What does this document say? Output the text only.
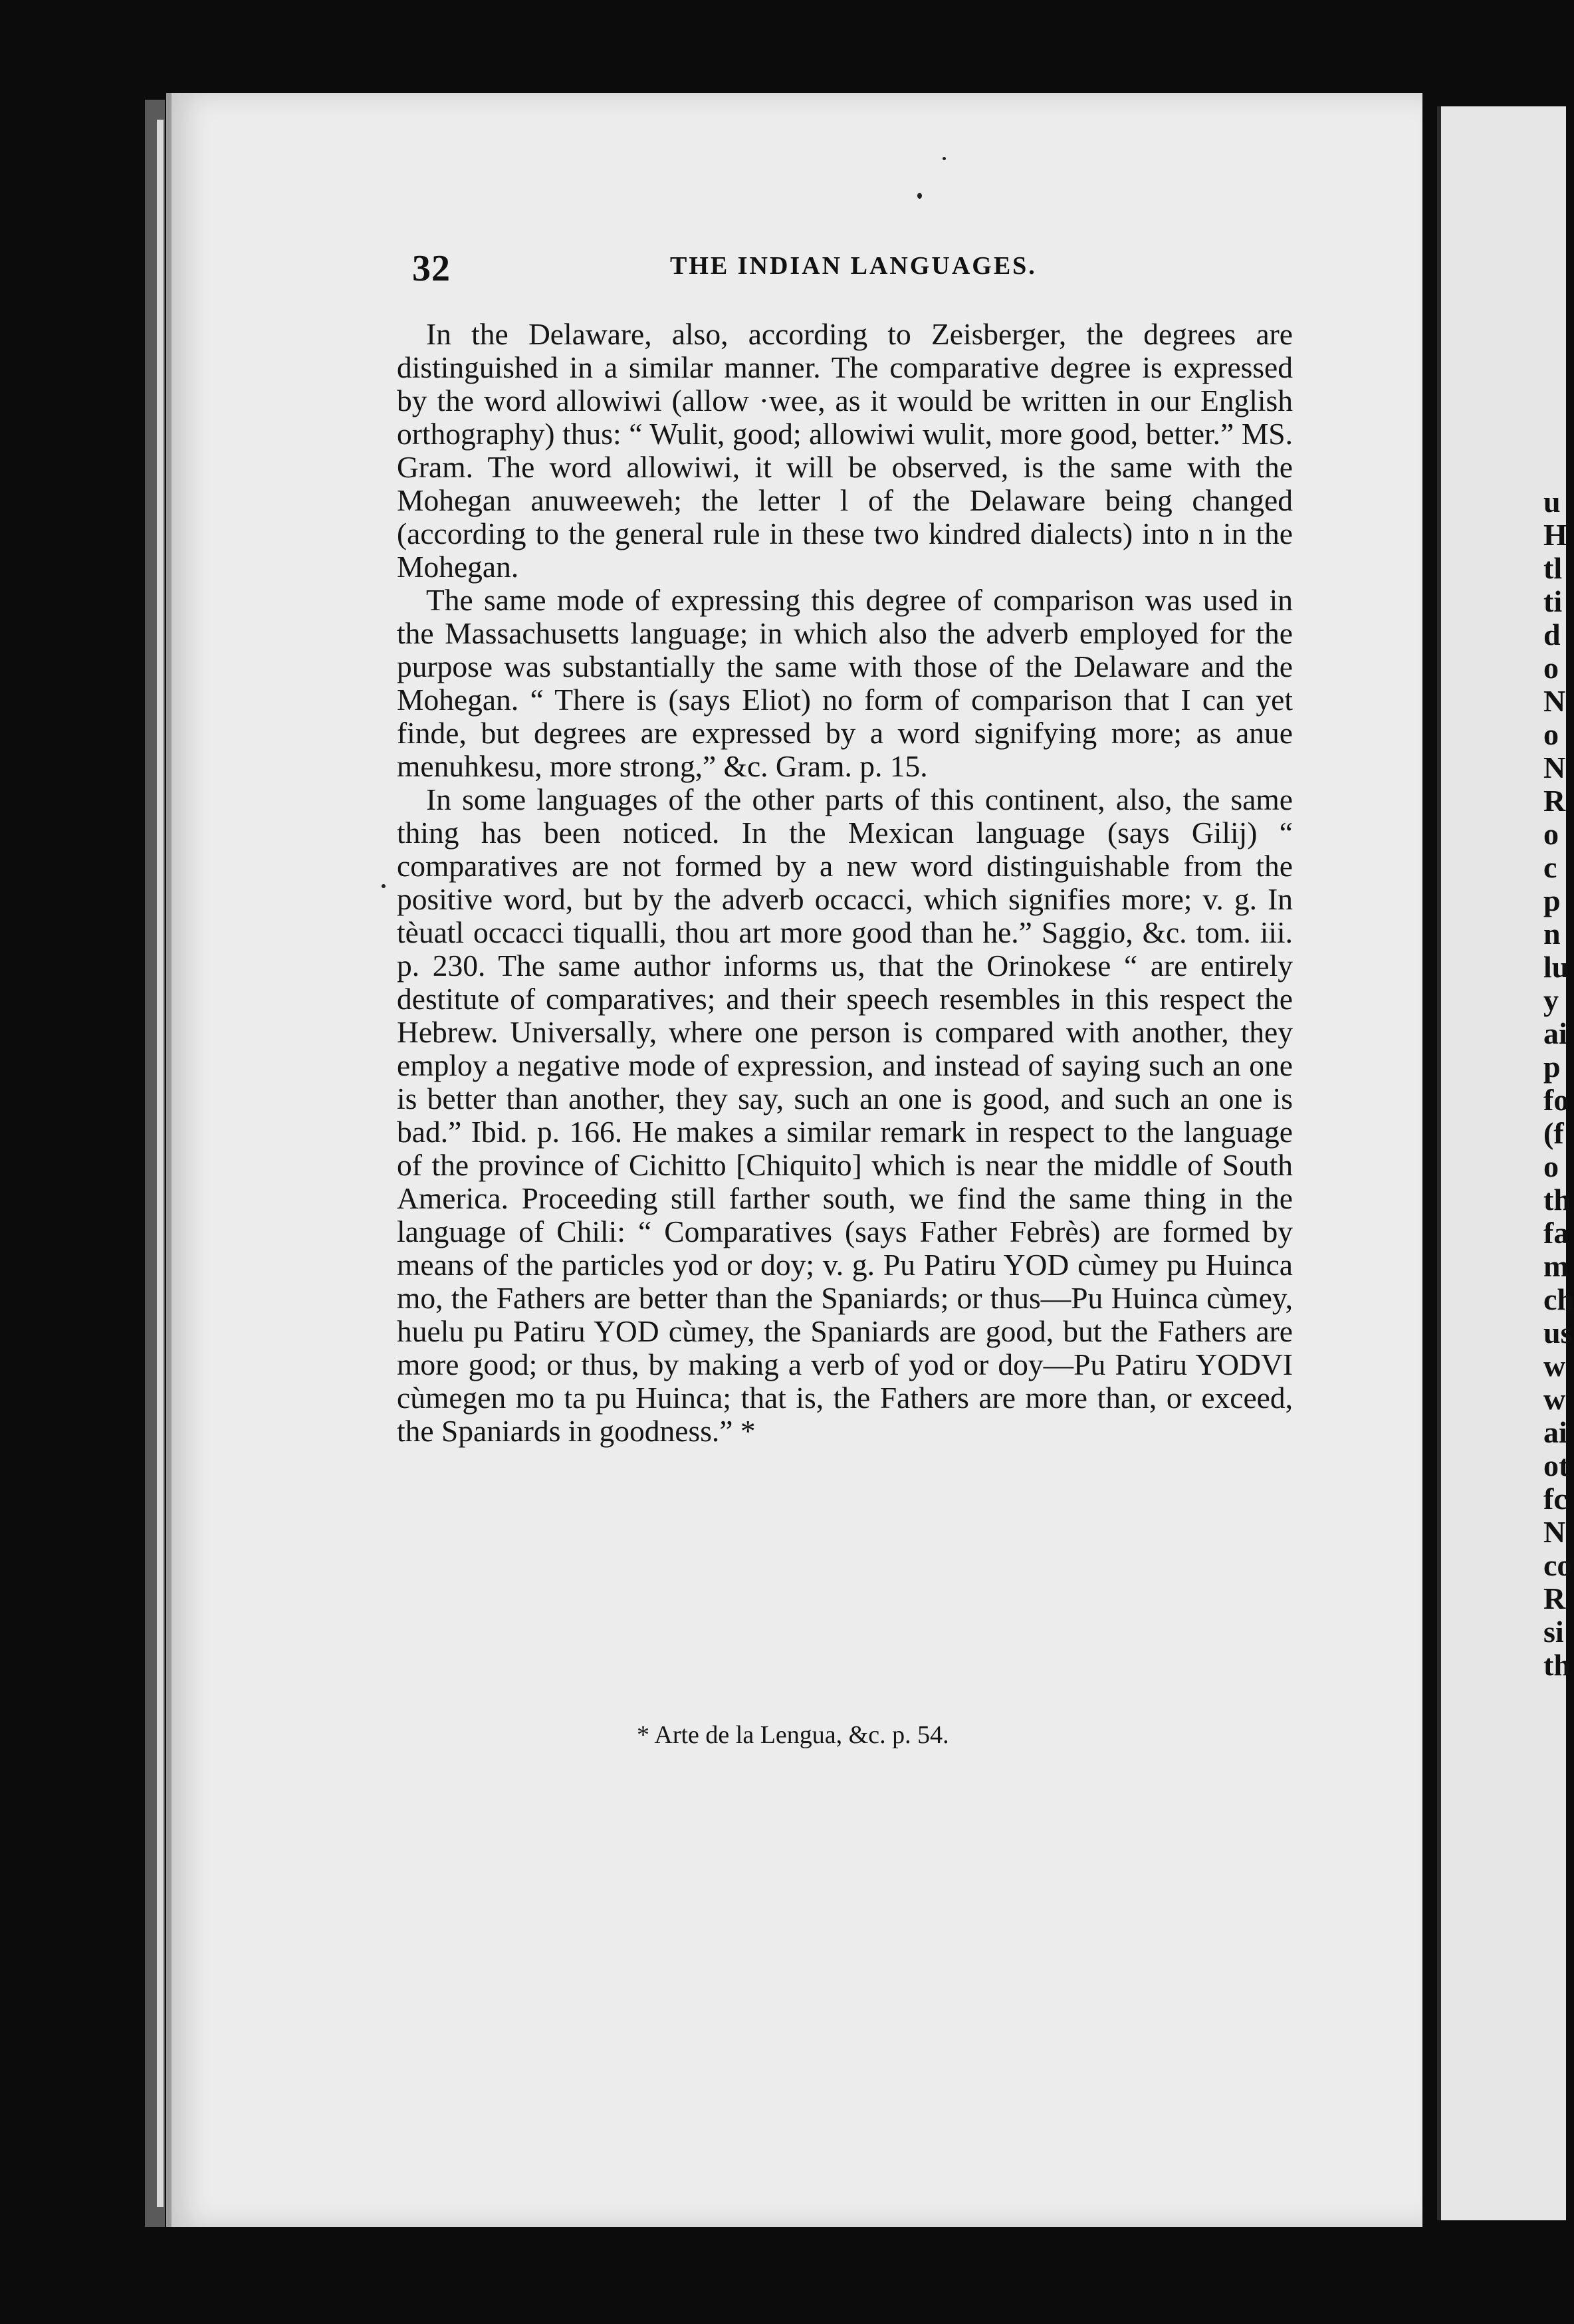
32	THE INDIAN LANGUAGES.

In the Delaware, also, according to Zeisberger, the degrees are distinguished in a similar manner. The comparative degree is expressed by the word allowiwi (allow ·wee, as it would be written in our English orthography) thus: “ Wulit, good; allowiwi wulit, more good, better.” MS. Gram. The word allowiwi, it will be observed, is the same with the Mohegan anuweeweh; the letter l of the Delaware being changed (according to the general rule in these two kindred dialects) into n in the Mohegan.

The same mode of expressing this degree of comparison was used in the Massachusetts language; in which also the adverb employed for the purpose was substantially the same with those of the Delaware and the Mohegan. “ There is (says Eliot) no form of comparison that I can yet finde, but degrees are expressed by a word signifying more; as anue menuhkesu, more strong,” &c. Gram. p. 15.

In some languages of the other parts of this continent, also, the same thing has been noticed. In the Mexican language (says Gilij) “ comparatives are not formed by a new word distinguishable from the positive word, but by the adverb occacci, which signifies more; v. g. In tèuatl occacci tiqualli, thou art more good than he.” Saggio, &c. tom. iii. p. 230. The same author informs us, that the Orinokese “ are entirely destitute of comparatives; and their speech resembles in this respect the Hebrew. Universally, where one person is compared with another, they employ a negative mode of expression, and instead of saying such an one is better than another, they say, such an one is good, and such an one is bad.” Ibid. p. 166. He makes a similar remark in respect to the language of the province of Cichitto [Chiquito] which is near the middle of South America. Proceeding still farther south, we find the same thing in the language of Chili: “ Comparatives (says Father Febrès) are formed by means of the particles yod or doy; v. g. Pu Patiru YOD cùmey pu Huinca mo, the Fathers are better than the Spaniards; or thus—Pu Huinca cùmey, huelu pu Patiru YOD cùmey, the Spaniards are good, but the Fathers are more good; or thus, by making a verb of yod or doy—Pu Patiru YODVI cùmegen mo ta pu Huinca; that is, the Fathers are more than, or exceed, the Spaniards in goodness.” *

* Arte de la Lengua, &c. p. 54.
u H tl ti d o N o N R o c p n lu y ai p fo (f o th fa m ch us w w ai ot fc N co R si th
